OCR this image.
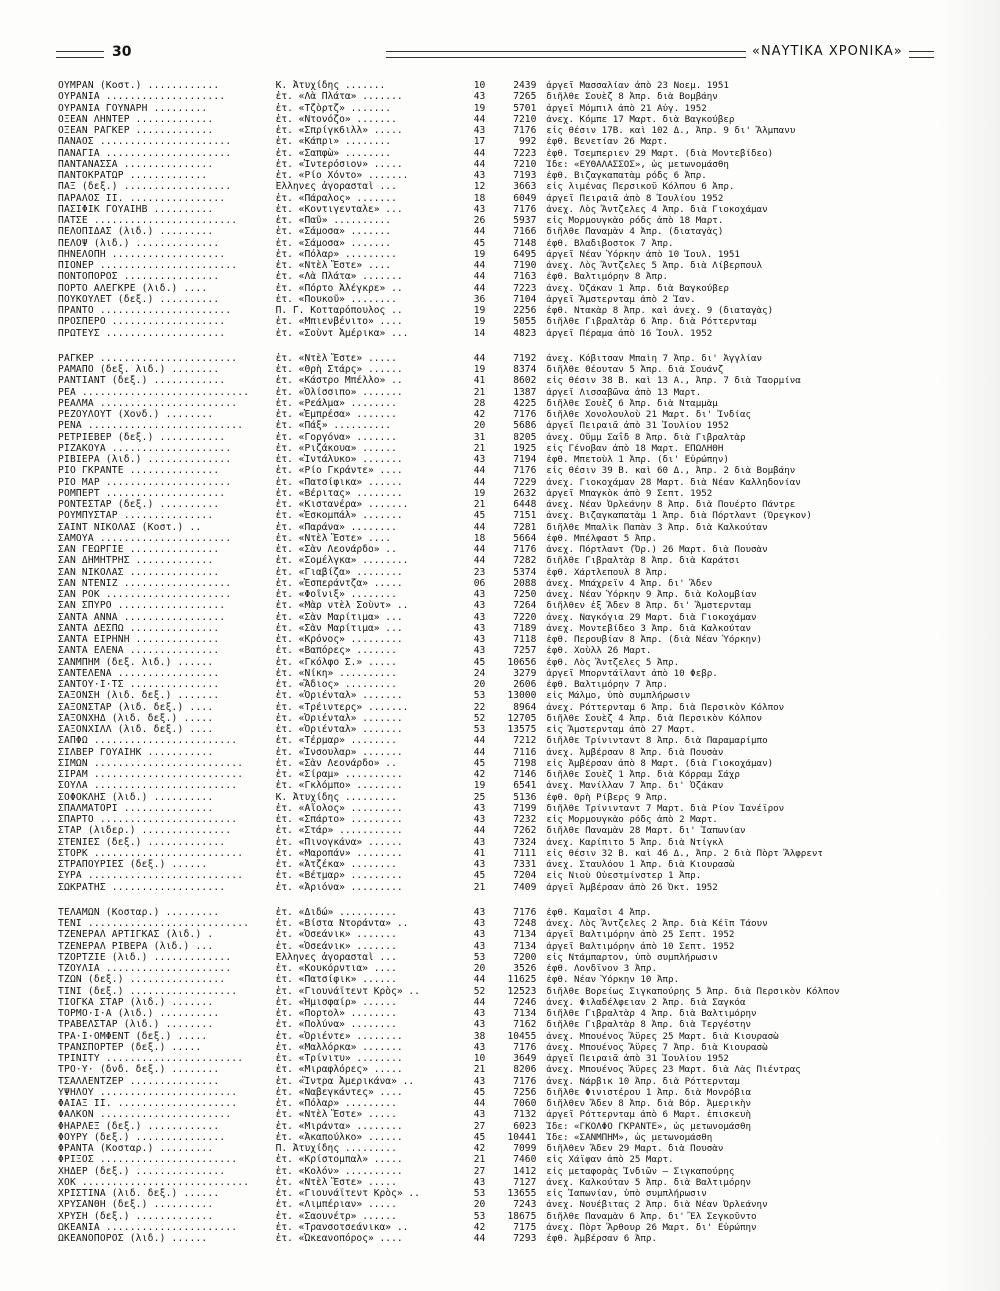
30	«ΝΑΥΤΙΚΑ ΧΡΟΝΙΚΑ»
ΟΥΜΡΑΝ (Κοστ.) ............	Κ. Ἀτυχίδης .......	10	2439	ἀργεῖ Μασσαλίαν ἀπὸ 23 Νοεμ. 1951
ΟΥΡΑΝΙΑ ....................	ἑτ. «Λὰ Πλάτα» .......	43	7265	διῆλθε Σουὲζ 8 Ἀπρ. διὰ Βομβάην
ΟΥΡΑΝΙΑ ΓΟΥΝΑΡΗ .........	ἑτ. «Τζὸρτζ» .......	19	5701	ἀργεῖ Μόμπιλ ἀπὸ 21 Αὐγ. 1952
ΟΞΕΑΝ ΛΗΝΤΕΡ .............	ἑτ. «Ντονόζο» .......	44	7210	ἀνεχ. Κόμπε 17 Μαρτ. διὰ Βαγκούβερ
ΟΞΕΑΝ ΡΑΓΚΕΡ .............	ἑτ. «Σπρίγκ6ιλλ» .....	43	7176	εἰς θέσιν 17Β. καὶ 102 Δ., Ἀπρ. 9 δι' Ἄλμπανυ
ΠΑΝΑΟΣ ......................	ἑτ. «Κάπρι» ........	17	992	ἐφθ. Βενετίαν 26 Μαρτ.
ΠΑΝΑΓΙΑ .....................	ἑτ. «Σαπφὼ» ........	44	7223	ἐφθ. Τσεμπεριεν 29 Μαρτ. (διὰ Μοντεβίδεο)
ΠΑΝΤΑΝΑΣΣΑ ...............	ἑτ. «Ἰντερόσιον» .....	44	7210	Ἴδε: «ΕΥΘΑΛΑΣΣΟΣ», ὡς μετωνομάσθη
ΠΑΝΤΟΚΡΑΤΩΡ .............	ἑτ. «Ρίο Χόντο» .......	43	7193	ἐφθ. Βιζαγκαπατὰμ ρόδς 6 Ἀπρ.
ΠΑΞ (δεξ.) ..................	Ἕλληνες ἀγορασταὶ ...	12	3663	εἰς λιμένας Περσικοῦ Κόλπου 6 Ἀπρ.
ΠΑΡΑΛΟΣ ΙΙ. ................	ἑτ. «Πάραλος» .......	18	6049	ἀργεῖ Πειραιᾶ ἀπὸ 8 Ἰουλίου 1952
ΠΑΣΙΦΙΚ ΓΟΥΑΙΗΒ ..........	ἑτ. «Κοντιγενταλε» ...	43	7176	ἀνεχ. Λὸς Ἄντζελες 4 Ἀπρ. διὰ Γιοκοχάμαν
ΠΑΤΣΕ ........................	ἑτ. «Παῦ» ..........	26	5937	εἰς Μορμουγκὰο ρόδς ἀπὸ 18 Μαρτ.
ΠΕΛΟΠΙΔΑΣ (λιδ.) .........	ἑτ. «Σάμοσα» .......	44	7166	διῆλθε Παναμὰν 4 Ἀπρ. (διαταγὰς)
ΠΕΛΟΨ (λιδ.) ..............	ἑτ. «Σάμοσα» .......	45	7148	ἐφθ. Βλαδιβοστοκ 7 Ἀπρ.
ΠΗΝΕΛΟΠΗ ...................	ἑτ. «Πόλαρ» .........	19	6495	ἀργεῖ Νέαν Ὑόρκην ἀπὸ 10 Ἰουλ. 1951
ΠΙΟΝΕΡ .......................	ἑτ. «Ντὲλ Ἔστε» ....	44	7190	ἀνεχ. Λὸς Ἄντζελες 5 Ἀπρ. διὰ Λίβερπουλ
ΠΟΝΤΟΠΟΡΟΣ ................	ἑτ. «Λὰ Πλάτα» .......	44	7163	ἐφθ. Βαλτιμόρην 8 Ἀπρ.
ΠΟΡΤΟ ΑΛΕΓΚΡΕ (λιδ.) ....	ἑτ. «Πόρτο Ἀλέγκρε» ..	44	7223	ἀνεχ. Ὀζάκαν 1 Ἀπρ. διὰ Βαγκούβερ
ΠΟΥΚΟΥΛΕΤ (δεξ.) ..........	ἑτ. «Πουκοῦ» ........	36	7104	ἀργεῖ Ἄμστερνταμ ἀπὸ 2 Ἰαν.
ΠΡΑΝΤΟ ......................	Π. Γ. Κοτταρόπουλος ..	19	2256	ἐφθ. Ντακὰρ 8 Ἀπρ. καὶ ἀνεχ. 9 (διαταγὰς)
ΠΡΟΣΠΕΡΟ ...................	ἑτ. «Μπιενβένιτο» ....	19	5055	διῆλθε Γιβραλτὰρ 6 Ἀπρ. διὰ Ρόττερνταμ
ΠΡΩΤΕΥΣ ....................	ἑτ. «Σοὺντ Ἀμέρικα» ...	14	4823	ἀργεῖ Πέραμα ἀπὸ 16 Ἰουλ. 1952
ΡΑΓΚΕΡ .......................	ἑτ. «Ντὲλ Ἔστε» .....	44	7192	ἀνεχ. Κόβιτσαν Μπαὶη 7 Ἀπρ. δι' Ἀγγλίαν
ΡΑΜΑΠΟ (δεξ. λιδ.) ........	ἑτ. «Θρὴ Στάρς» ......	19	8374	διῆλθε Θέουταν 5 Ἀπρ. διὰ Σουάνζ
ΡΑΝΤΙΑΝΤ (δεξ.) ............	ἑτ. «Κάστρο Μπέλλο» ..	41	8602	εἰς θέσιν 38 Β. καὶ 13 Α., Ἀπρ. 7 διὰ Ταορμίνα
ΡΕΑ ............................	ἑτ. «Ὀλίσσιπο» .......	21	1387	ἀργεῖ Λισσαβῶνα ἀπὸ 13 Μαρτ.
ΡΕΑΛΜΑ .......................	ἑτ. «Ρεάλμα» ........	28	4225	διῆλθε Σουὲζ 6 Ἀπρ. διὰ Νταμμὰμ
ΡΕΖΟΥΛΟΥΤ (Χονδ.) ........	ἑτ. «Ἐμπρέσα» .......	42	7176	διῆλθε Χονολουλοὺ 21 Μαρτ. δι' Ἰνδίας
ΡΕΝΑ ..........................	ἑτ. «Πάξ» ..........	20	5686	ἀργεῖ Πειραιᾶ ἀπὸ 31 Ἰουλίου 1952
ΡΕΤΡΙΕΒΕΡ (δεξ.) ...........	ἑτ. «Γοργόνα» .......	31	8205	ἀνεχ. Οὔμμ Σαΐδ 8 Ἀπρ. διὰ Γιβραλτὰρ
ΡΙΖΑΚΟΥΑ ....................	ἑτ. «Ριζάκουα» ......	21	1925	εἰς Γένοβαν ἀπὸ 18 Μαρτ. ΕΠΩΛΗΘΗ
ΡΙΒΙΕΡΑ (λιδ.) ..............	ἑτ. «Ἰντάλυκο» .......	43	7194	ἐφθ. Μπετοὺλ 1 Ἀπρ. (δι' Εὐρώπην)
ΡΙΟ ΓΚΡΑΝΤΕ ...............	ἑτ. «Ρίο Γκράντε» ....	44	7176	εἰς θέσιν 39 Β. καὶ 60 Δ., Ἀπρ. 2 διὰ Βομβάην
ΡΙΟ ΜΑΡ .....................	ἑτ. «Πατσίφικα» ......	44	7229	ἀνεχ. Γιοκοχάμαν 28 Μαρτ. διὰ Νέαν Καλληδονίαν
ΡΟΜΠΕΡΤ ....................	ἑτ. «Βέριτας» ........	19	2632	ἀργεῖ Μπαγκὸκ ἀπὸ 9 Σεπτ. 1952
ΡΟΝΤΕΣΤΑΡ (δεξ.) ..........	ἑτ. «Κιστανέρα» .......	21	6448	ἀνεχ. Νέαν Ὀρλεάνην 8 Ἀπρ. διὰ Πουέρτο Πάντρε
ΡΟΥΜΠΥΣΤΑΡ ...............	ἑτ. «Ἐσκομπάλ» .......	45	7151	ἀνεχ. Βιζαγκαπατὰμ 1 Ἀπρ. διὰ Πόρτλαντ (Ὀρεγκον)
ΣΑΙΝΤ ΝΙΚΟΛΑΣ (Κοστ.) ..	ἑτ. «Παράνα» ........	44	7281	διῆλθε Μπαλὶκ Παπὰν 3 Ἀπρ. διὰ Καλκούταν
ΣΑΜΟΥΑ ......................	ἑτ. «Ντὲλ Ἔστε» ....	18	5664	ἐφθ. Μπέλφαστ 5 Ἀπρ.
ΣΑΝ ΓΕΩΡΓΙΕ ...............	ἑτ. «Σὰν Λεονάρδο» ..	44	7176	ἀνεχ. Πόρτλαντ (Ὄρ.) 26 Μαρτ. διὰ Πουσὰν
ΣΑΝ ΔΗΜΗΤΡΗΣ .............	ἑτ. «Σομέλγκα» ........	44	7282	διῆλθε Γιβραλτὰρ 8 Ἀπρ. διὰ Καράτσι
ΣΑΝ ΝΙΚΟΛΑΣ ...............	ἑτ. «Γιαβίζα» ........	23	5374	ἐφθ. Χάρτλεπουλ 8 Ἀπρ.
ΣΑΝ ΝΤΕΝΙΖ ..................	ἑτ. «Ἐσπεράντζα» .....	06	2088	ἀνεχ. Μπάχρεϊν 4 Ἀπρ. δι' Ἄδεν
ΣΑΝ ΡΟΚ .....................	ἑτ. «Φοῖνιξ» ........	43	7250	ἀνεχ. Νέαν Ὑόρκην 9 Ἀπρ. διὰ Κολομβίαν
ΣΑΝ ΣΠΥΡΟ ..................	ἑτ. «Μὰρ ντὲλ Σοὺντ» ..	43	7264	διῆλθεν ἐξ Ἄδεν 8 Ἀπρ. δι' Ἄμστερνταμ
ΣΑΝΤΑ ΑΝΝΑ .................	ἑτ. «Σὰν Μαρίτιμα» ...	43	7220	ἀνεχ. Ναγκόγια 29 Μαρτ. διὰ Γιοκοχάμαν
ΣΑΝΤΑ ΔΕΣΠΩ ...............	ἑτ. «Σὰν Μαρίτιμα» ...	43	7189	ἀνεχ. Μοντεβίδεο 3 Ἀπρ. διὰ Καλκούταν
ΣΑΝΤΑ ΕΙΡΗΝΗ ..............	ἑτ. «Κρόνος» .........	43	7118	ἐφθ. Περουβίαν 8 Ἀπρ. (διὰ Νέαν Ὑόρκην)
ΣΑΝΤΑ ΕΛΕΝΑ ...............	ἑτ. «Βαπόρες» .......	43	7257	ἐφθ. Χοὺλλ 26 Μαρτ.
ΣΑΝΜΠΗΜ (δεξ. λιδ.) ......	ἑτ. «Γκόλφο Σ.» .....	45	10656	ἐφθ. Λὸς Ἄντζελες 5 Ἀπρ.
ΣΑΝΤΕΛΕΝΑ .................	ἑτ. «Νίκη» ..........	24	3279	ἀργεῖ Μπορντάϊλαντ ἀπὸ 10 Φεβρ.
ΣΑΝΤΟΥ·Ι·ΤΣ ...............	ἑτ. «Ἄδιος» .........	20	2606	ἐφθ. Βαλτιμόρην 7 Ἀπρ.
ΣΑΞΟΝΣΗ (λιδ. δεξ.) .......	ἑτ. «Ὀριένταλ» .......	53	13000	εἰς Μάλμο, ὑπὸ συμπλήρωσιν
ΣΑΞΟΝΣΤΑΡ (λιδ. δεξ.) ....	ἑτ. «Τρέιντερς» .......	22	8964	ἀνεχ. Ρόττερνταμ 6 Ἀπρ. διὰ Περσικὸν Κόλπον
ΣΑΞΟΝΧΗΔ (λιδ. δεξ.) .....	ἑτ. «Ὀριένταλ» .......	52	12705	διῆλθε Σουὲζ 4 Ἀπρ. διὰ Περσικὸν Κόλπον
ΣΑΞΟΝΧΙΛΛ (λιδ. δεξ.) ....	ἑτ. «Ὀριένταλ» .......	53	13575	εἰς Ἄμστερνταμ ἀπὸ 27 Μαρτ.
ΣΑΠΦΩ ........................	ἑτ. «Τέρμαρ» ........	44	7212	διῆλθε Τρίνινταντ 8 Ἀπρ. διὰ Παραμαρίμπο
ΣΙΛΒΕΡ ΓΟΥΑΙΗΚ ...........	ἑτ. «Ἰνσουλαρ» .......	44	7116	ἀνεχ. Ἀμβέρσαν 8 Ἀπρ. διὰ Πουσὰν
ΣΙΜΩΝ .........................	ἑτ. «Σὰν Λεονάρδο» ..	45	7198	εἰς Ἀμβέρσαν ἀπὸ 8 Μαρτ. (διὰ Γιοκοχάμαν)
ΣΙΡΑΜ .........................	ἑτ. «Σίραμ» ..........	42	7146	διῆλθε Σουὲζ 1 Ἀπρ. διὰ Κόρραμ Σάχρ
ΣΟΥΛΑ ........................	ἑτ. «Γκλόμπο» ........	19	6541	ἀνεχ. Μανίλλαν 7 Ἀπρ. δι' Ὀζάκαν
ΣΟΦΟΚΛΗΣ (λιδ.) ..........	Κ. Ἀτυχίδης .........	25	5136	ἐφθ. Θρὴ Ρίβερς 9 Ἀπρ.
ΣΠΑΛΜΑΤΟΡΙ ...............	ἑτ. «Αἴολος» .........	43	7199	διῆλθε Τρίνινταντ 7 Μαρτ. διὰ Ρίον Ἰανέϊρον
ΣΠΑΡΤΟ .......................	ἑτ. «Σπάρτο» .........	43	7232	εἰς Μορμουγκὰο ρόδς ἀπὸ 2 Μαρτ.
ΣΤΑΡ (λιδερ.) ...............	ἑτ. «Στάρ» ...........	44	7262	διῆλθε Παναμὰν 28 Μαρτ. δι' Ἰαπωνίαν
ΣΤΕΝΙΕΣ (δεξ.) .............	ἑτ. «Πινογκάνα» ......	43	7324	ἀνεχ. Καρίπιτο 5 Ἀπρ. διὰ Ντίγκλ
ΣΤΟΡΚ .........................	ἑτ. «Μαροπάν» ........	41	7111	εἰς θέσιν 32 Β. καὶ 46 Δ., Ἀπρ. 2 διὰ Πὸρτ Ἄλφρεντ
ΣΤΡΑΠΟΥΡΙΕΣ (δεξ.) ......	ἑτ. «Ἀτζέκα» ........	43	7331	ἀνεχ. Σταυλόου 1 Ἀπρ. διὰ Κιουρασὼ
ΣΥΡΑ ..........................	ἑτ. «Βέτμαρ» .........	45	7204	εἰς Νιοὺ Οὐεστμίνστερ 1 Ἀπρ.
ΣΩΚΡΑΤΗΣ ...................	ἑτ. «Ἀριόνα» .........	21	7409	ἀργεῖ Ἀμβέρσαν ἀπὸ 26 Ὀκτ. 1952
ΤΕΛΑΜΩΝ (Κοσταρ.) .........	ἑτ. «Διδώ» ..........	43	7176	ἐφθ. Καμαΐσι 4 Ἀπρ.
ΤΕΝΙ ...........................	ἑτ. «Βίστα Ντοράντα» ..	43	7248	ἀνεχ. Λὸς Ἄντζελες 2 Ἀπρ. διὰ Κέϊπ Τάουν
ΤΖΕΝΕΡΑΛ ΑΡΤΙΓΚΑΣ (λιδ.) .	ἑτ. «Ὀσεάνικ» .......	43	7134	ἀργεῖ Βαλτιμόρην ἀπὸ 25 Σεπτ. 1952
ΤΖΕΝΕΡΑΛ ΡΙΒΕΡΑ (λιδ.) ...	ἑτ. «Ὀσεάνικ» .......	43	7134	ἀργεῖ Βαλτιμόρην ἀπὸ 10 Σεπτ. 1952
ΤΖΟΡΤΖΙΕ (λιδ.) .............	Ἕλληνες ἀγορασταὶ ...	53	7200	εἰς Ντάμπαρτον, ὑπὸ συμπλήρωσιν
ΤΖΟΥΛΙΑ .....................	ἑτ. «Κουκόρντια» ....	20	3526	ἐφθ. Λονδῖνον 3 Ἀπρ.
ΤΖΩΝ (δεξ.) ................	ἑτ. «Πατσίφικ» ......	44	11625	ἐφθ. Νέαν Ὑόρκην 10 Ἀπρ.
ΤΙΝΙ (δεξ.) ..................	ἑτ. «Γιουνάϊτεντ Κρὸς» ..	52	12523	διῆλθε Βορείως Σιγκαπούρης 5 Ἀπρ. διὰ Περσικὸν Κόλπον
ΤΙΟΓΚΑ ΣΤΑΡ (λιδ.) .......	ἑτ. «Ἡμισφαίρ» ......	44	7246	ἀνεχ. Φιλαδέλφειαν 2 Ἀπρ. διὰ Σαγκόα
ΤΟΡΜΟ·Ι·Α (λιδ.) ..........	ἑτ. «Πορτολ» ........	43	7134	διῆλθε Γιβραλτὰρ 4 Ἀπρ. διὰ Βαλτιμόρην
ΤΡΑΒΕΛΣΤΑΡ (λιδ.) ........	ἑτ. «Πολύνα» ........	43	7162	διῆλθε Γιβραλτὰρ 8 Ἀπρ. διὰ Τεργέστην
ΤΡΑ·Ι·ΟΜΦΕΝΤ (δεξ.) .....	ἑτ. «Ὀριέντε» ........	38	10455	ἀνεχ. Μπουένος Ἄϋρες 25 Μαρτ. διὰ Κιουρασὼ
ΤΡΑΝΣΠΟΡΤΕΡ (δεξ.) .....	ἑτ. «Μαλλόρκα» .......	43	7176	ἀνεχ. Μπουένος Ἄϋρες 7 Ἀπρ. διὰ Κιουρασὼ
ΤΡΙΝΙΤΥ .......................	ἑτ. «Τρίνιτυ» ........	10	3649	ἀργεῖ Πειραιᾶ ἀπὸ 31 Ἰουλίου 1952
ΤΡΟ·Υ· (δνδ. δεξ.) ........	ἑτ. «Μιραφλόρες» .....	21	8206	ἀνεχ. Μπουένος Ἄϋρες 23 Μαρτ. διὰ Λὰς Πιέντρας
ΤΣΑΛΛΕΝΤΖΕΡ ...............	ἑτ. «Ἴντρα Ἀμερικάνα» ..	43	7176	ἀνεχ. Νάρβικ 10 Ἀπρ. διὰ Ρόττερνταμ
ΥΨΗΛΟΥ .......................	ἑτ. «Ναβεγκάντες» ....	45	7256	διῆλθε Φινιστέρου 1 Ἀπρ. διὰ Μονρόβια
ΦΑΙΑΞ ΙΙ. ....................	ἑτ. «Πόλαρ» .........	44	7060	διῆλθεν Ἄδεν 8 Ἀπρ. διὰ Βόρ. Ἀμερικὴν
ΦΑΛΚΟΝ ......................	ἑτ. «Ντὲλ Ἔστε» .....	43	7132	ἀργεῖ Ρόττερνταμ ἀπὸ 6 Μαρτ. ἐπισκευὴ
ΦΗΑΡΛΕΞ (δεξ.) ............	ἑτ. «Μιράντα» ........	27	6023	Ἴδε: «ΓΚΟΛΦΟ ΓΚΡΑΝΤΕ», ὡς μετωνομάσθη
ΦΟΥΡΥ (δεξ.) ...............	ἑτ. «Ἀκαπούλκο» ......	45	10441	Ἴδε: «ΣΑΝΜΠΗΜ», ὡς μετωνομάσθη
ΦΡΑΝΤΑ (Κοσταρ.) .........	Π. Ἀτυχίδης .........	42	7099	διῆλθεν Ἄδεν 29 Μαρτ. διὰ Πουσὰν
ΦΡΙΞΟΣ .......................	ἑτ. «Κρίστομπαλ» .....	21	7460	εἰς Χάϊφαν ἀπὸ 25 Μαρτ.
ΧΗΔΕΡ (δεξ.) ...............	ἑτ. «Κολόν» ..........	27	1412	εἰς μεταφορὰς Ἰνδιῶν — Σιγκαπούρης
ΧΟΚ ............................	ἑτ. «Ντὲλ Ἔστε» .....	43	7127	ἀνεχ. Καλκούταν 5 Ἀπρ. διὰ Βαλτιμόρην
ΧΡΙΣΤΙΝΑ (λιδ. δεξ.) ......	ἑτ. «Γιουνάϊτεντ Κρὸς» ..	53	13655	εἰς Ἰαπωνίαν, ὑπὸ συμπλήρωσιν
ΧΡΥΣΑΝΘΗ (δεξ.) ..........	ἑτ. «Λιμπέριαν» .....	20	7243	ἀνεχ. Νουέβιτας 2 Ἀπρ. διὰ Νέαν Ὀρλεάνην
ΧΡΥΣΗ (δεξ.) .............	ἑτ. «Σαουνέτρ» ......	53	18675	διῆλθε Παναμὰν 6 Ἀπρ. δι' Ἒλ Σεγκοῦντο
ΩΚΕΑΝΙΑ ......................	ἑτ. «Τρανσοτσεάνικα» ..	42	7175	ἀνεχ. Πὸρτ Ἄρθουρ 26 Μαρτ. δι' Εὐρώπην
ΩΚΕΑΝΟΠΟΡΟΣ (λιδ.) ......	ἑτ. «Ὠκεανοπόρος» ....	44	7293	ἐφθ. Ἀμβέρσαν 6 Ἀπρ.
